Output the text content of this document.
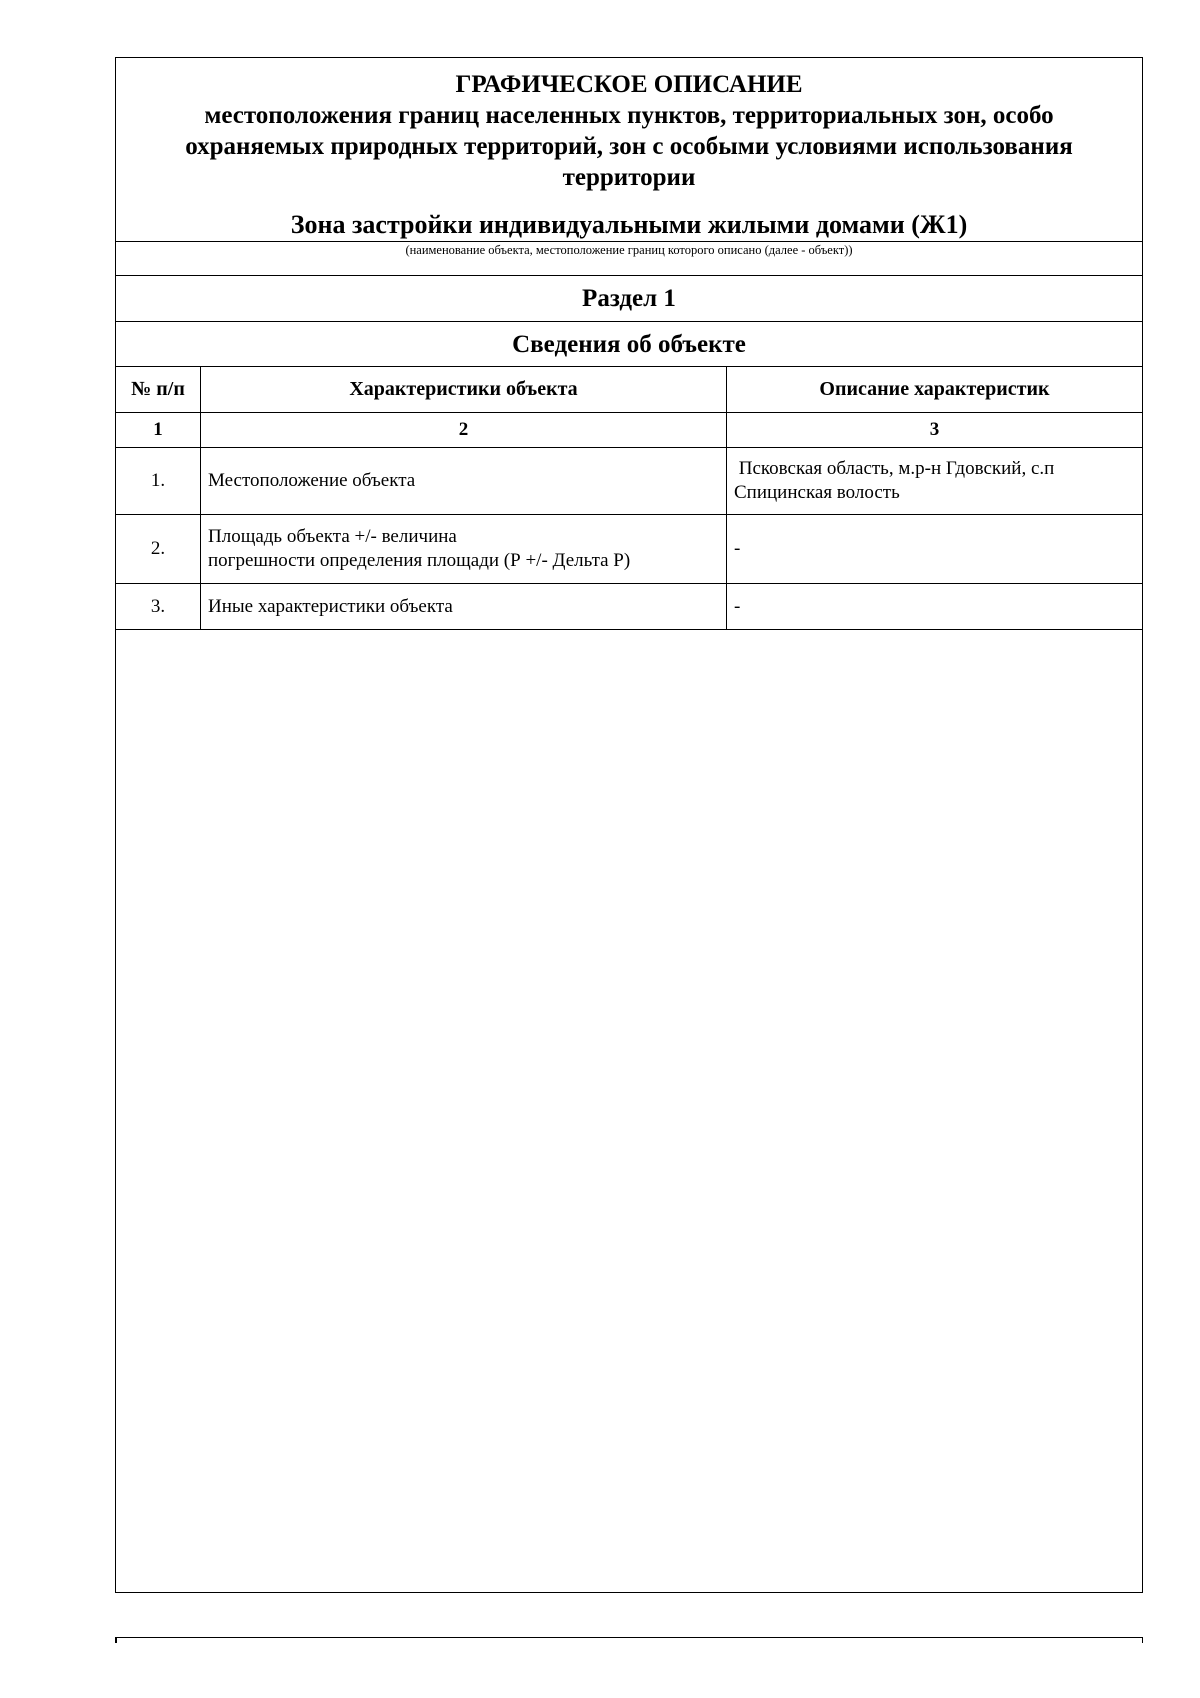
ГРАФИЧЕСКОЕ ОПИСАНИЕ
местоположения границ населенных пунктов, территориальных зон, особо
охраняемых природных территорий, зон с особыми условиями использования
территории
Зона застройки индивидуальными жилыми домами (Ж1)
(наименование объекта, местоположение границ которого описано (далее - объект))
Раздел 1
Сведения об объекте
№ п/п	Характеристики объекта	Описание характеристик
1	2	3
1.	Местоположение объекта	Псковская область, м.р-н Гдовский, с.п
Спицинская волость

2.	Площадь объекта +/- величина
погрешности определения площади (Р +/- Дельта Р)	-

3.	Иные характеристики объекта	-
